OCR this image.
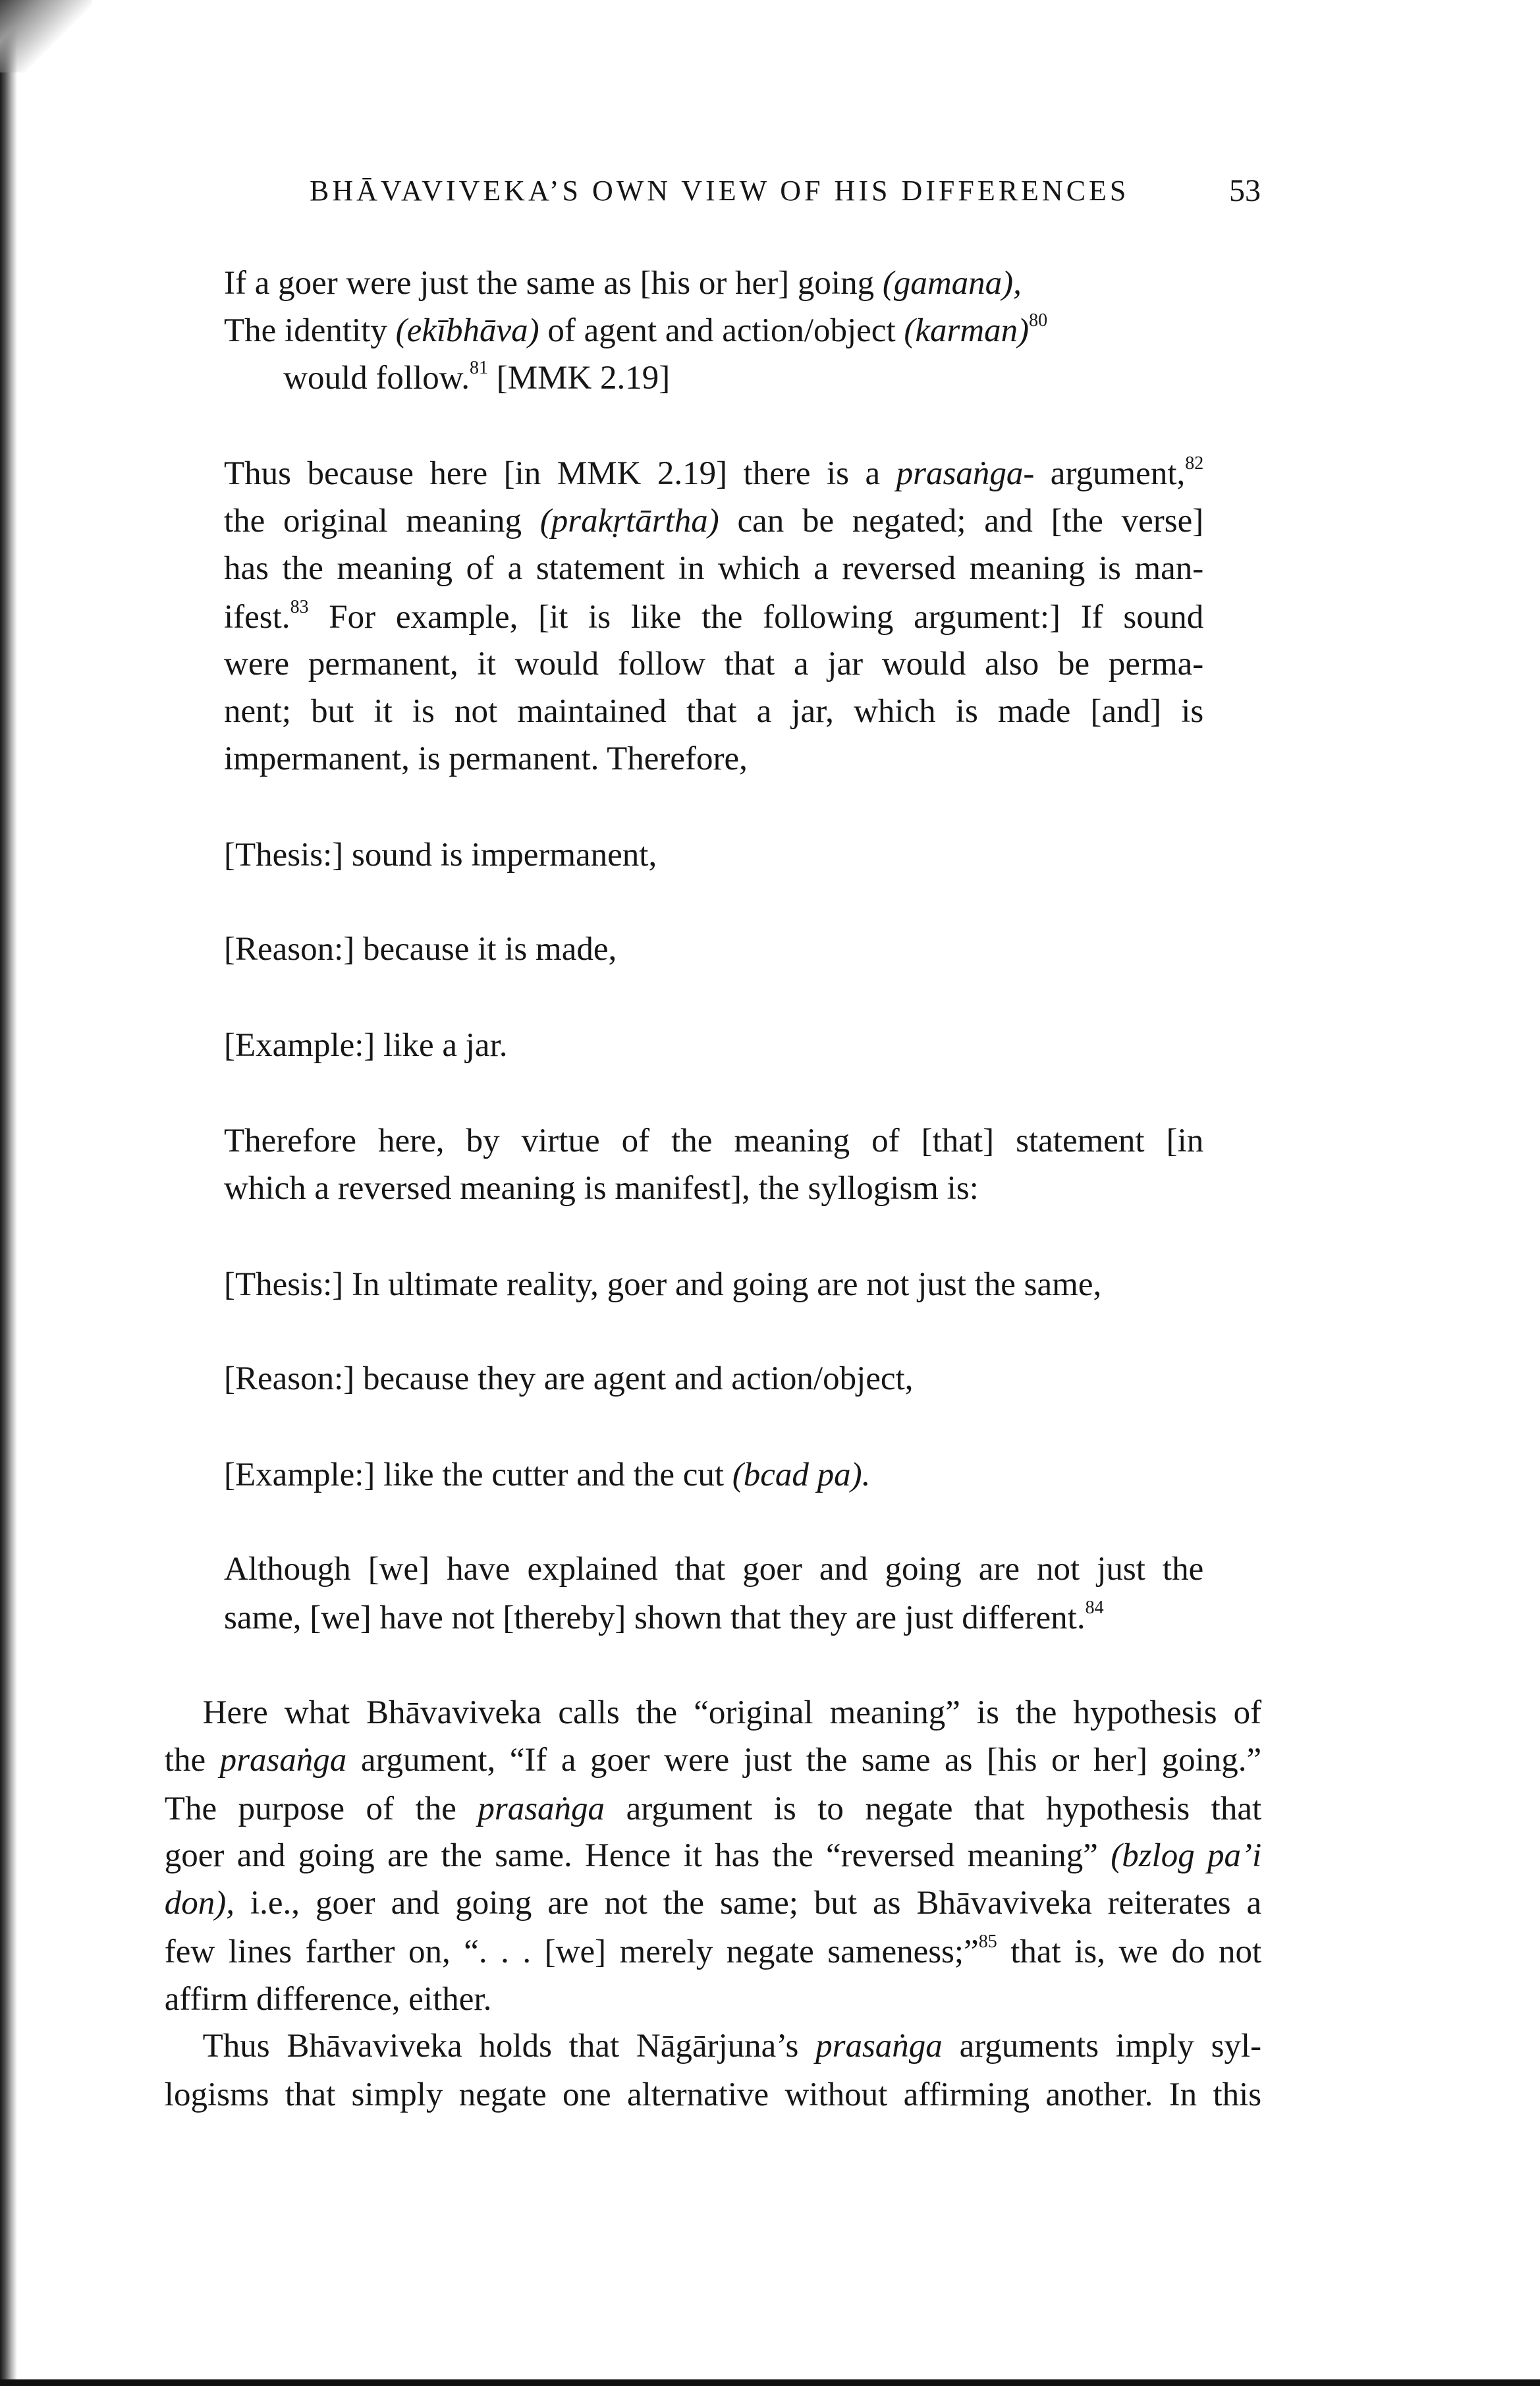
BHĀVAVIVEKA’S OWN VIEW OF HIS DIFFERENCES	53
If a goer were just the same as [his or her] going (gamana),
The identity (ekībhāva) of agent and action/object (karman)$^{80}$
would follow.$^{81}$ [MMK 2.19]
Thus because here [in MMK 2.19] there is a prasaṅga- argument,$^{82}$
the original meaning (prakṛtārtha) can be negated; and [the verse]
has the meaning of a statement in which a reversed meaning is man-
ifest.$^{83}$ For example, [it is like the following argument:] If sound
were permanent, it would follow that a jar would also be perma-
nent; but it is not maintained that a jar, which is made [and] is
impermanent, is permanent. Therefore,
[Thesis:] sound is impermanent,
[Reason:] because it is made,
[Example:] like a jar.
Therefore here, by virtue of the meaning of [that] statement [in
which a reversed meaning is manifest], the syllogism is:
[Thesis:] In ultimate reality, goer and going are not just the same,
[Reason:] because they are agent and action/object,
[Example:] like the cutter and the cut (bcad pa).
Although [we] have explained that goer and going are not just the
same, [we] have not [thereby] shown that they are just different.$^{84}$
Here what Bhāvaviveka calls the “original meaning” is the hypothesis of
the prasaṅga argument, “If a goer were just the same as [his or her] going.”
The purpose of the prasaṅga argument is to negate that hypothesis that
goer and going are the same. Hence it has the “reversed meaning” (bzlog pa’i
don), i.e., goer and going are not the same; but as Bhāvaviveka reiterates a
few lines farther on, “. . . [we] merely negate sameness;”$^{85}$ that is, we do not
affirm difference, either.
Thus Bhāvaviveka holds that Nāgārjuna’s prasaṅga arguments imply syl-
logisms that simply negate one alternative without affirming another. In this
